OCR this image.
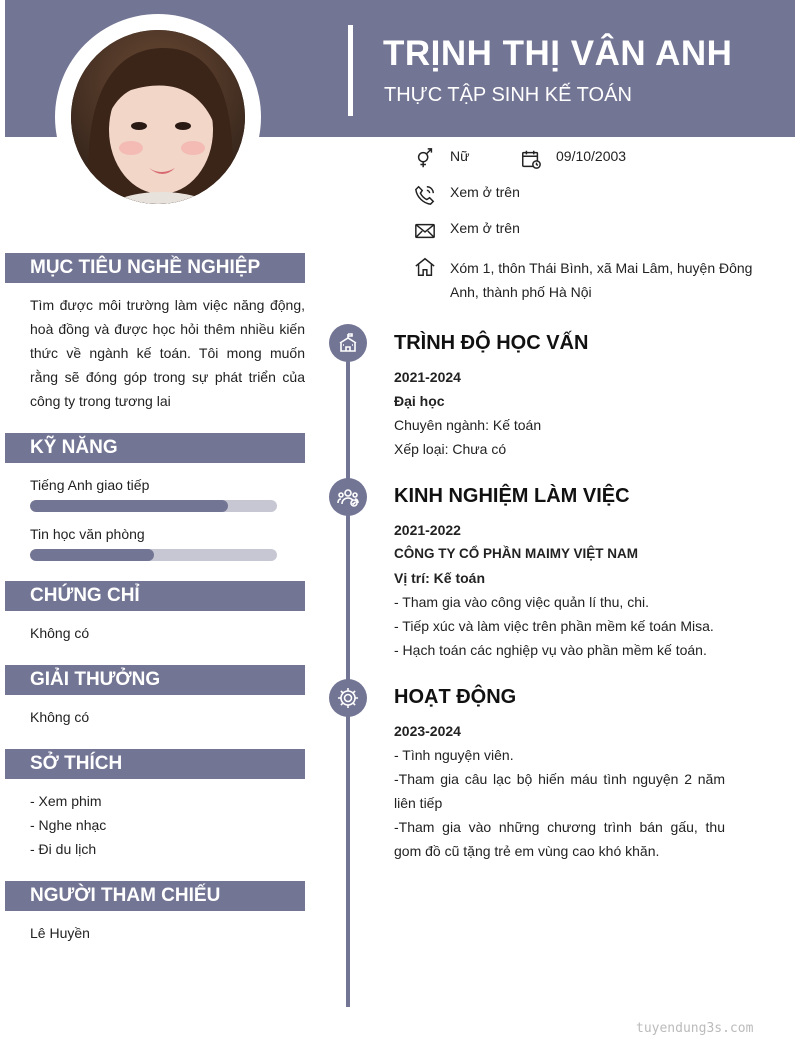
TRỊNH THỊ VÂN ANH
THỰC TẬP SINH KẾ TOÁN
Nữ	09/10/2003
Xem ở trên
Xem ở trên
Xóm 1, thôn Thái Bình, xã Mai Lâm, huyện Đông
Anh, thành phố Hà Nội
MỤC TIÊU NGHỀ NGHIỆP
Tìm được môi trường làm việc năng động, hoà đồng và được học hỏi thêm nhiều kiến thức về ngành kế toán. Tôi mong muốn rằng sẽ đóng góp trong sự phát triển của công ty trong tương lai
KỸ NĂNG
Tiếng Anh giao tiếp
Tin học văn phòng
CHỨNG CHỈ
Không có
GIẢI THƯỞNG
Không có
SỞ THÍCH
- Xem phim
- Nghe nhạc
- Đi du lịch
NGƯỜI THAM CHIẾU
Lê Huyền
TRÌNH ĐỘ HỌC VẤN
2021-2024
Đại học
Chuyên ngành: Kế toán
Xếp loại: Chưa có
KINH NGHIỆM LÀM VIỆC
2021-2022
CÔNG TY CỔ PHẦN MAIMY VIỆT NAM
Vị trí: Kế toán
- Tham gia vào công việc quản lí thu, chi.
- Tiếp xúc và làm việc trên phần mềm kế toán Misa.
- Hạch toán các nghiệp vụ vào phần mềm kế toán.
HOẠT ĐỘNG
2023-2024
- Tình nguyện viên.
-Tham gia câu lạc bộ hiến máu tình nguyện 2 năm liên tiếp
-Tham gia vào những chương trình bán gấu, thu gom đồ cũ tặng trẻ em vùng cao khó khăn.
tuyendung3s.com
